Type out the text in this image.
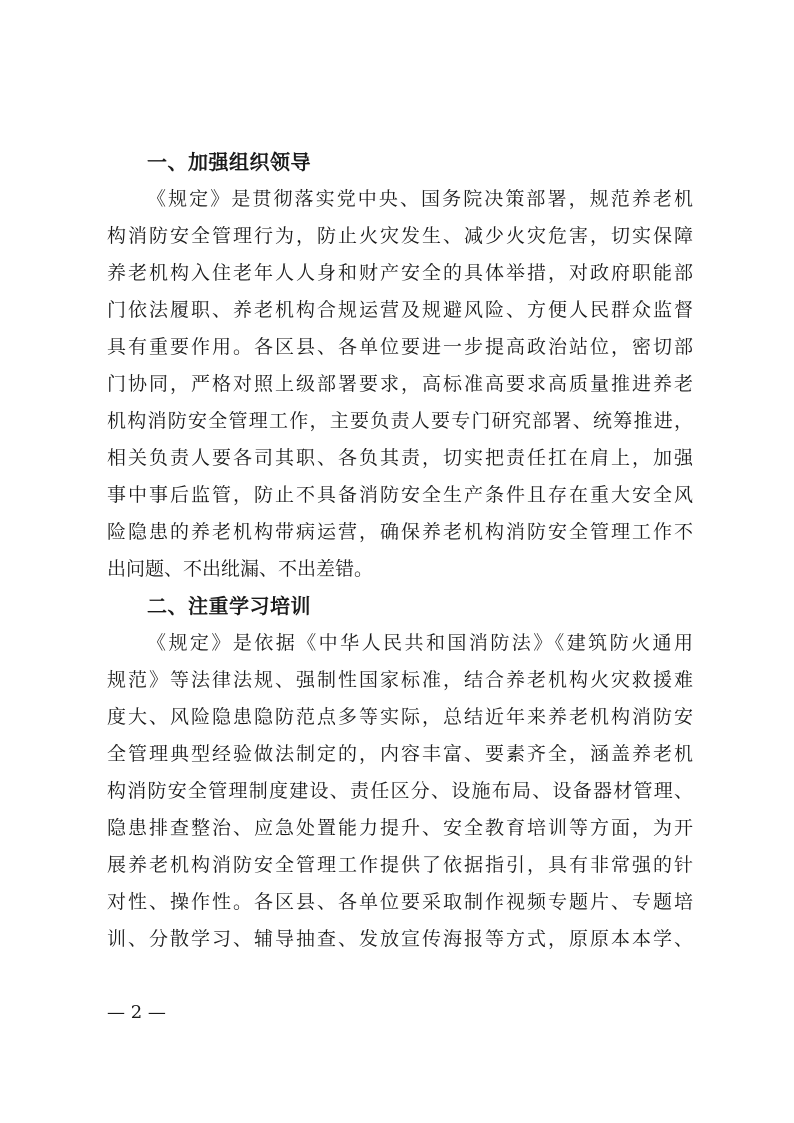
一、加强组织领导
《规定》是贯彻落实党中央、国务院决策部署，规范养老机
构消防安全管理行为，防止火灾发生、减少火灾危害，切实保障
养老机构入住老年人人身和财产安全的具体举措，对政府职能部
门依法履职、养老机构合规运营及规避风险、方便人民群众监督
具有重要作用。各区县、各单位要进一步提高政治站位，密切部
门协同，严格对照上级部署要求，高标准高要求高质量推进养老
机构消防安全管理工作，主要负责人要专门研究部署、统筹推进，
相关负责人要各司其职、各负其责，切实把责任扛在肩上，加强
事中事后监管，防止不具备消防安全生产条件且存在重大安全风
险隐患的养老机构带病运营，确保养老机构消防安全管理工作不
出问题、不出纰漏、不出差错。
二、注重学习培训
《规定》是依据《中华人民共和国消防法》《建筑防火通用
规范》等法律法规、强制性国家标准，结合养老机构火灾救援难
度大、风险隐患隐防范点多等实际，总结近年来养老机构消防安
全管理典型经验做法制定的，内容丰富、要素齐全，涵盖养老机
构消防安全管理制度建设、责任区分、设施布局、设备器材管理、
隐患排查整治、应急处置能力提升、安全教育培训等方面，为开
展养老机构消防安全管理工作提供了依据指引，具有非常强的针
对性、操作性。各区县、各单位要采取制作视频专题片、专题培
训、分散学习、辅导抽查、发放宣传海报等方式，原原本本学、
— 2 —
